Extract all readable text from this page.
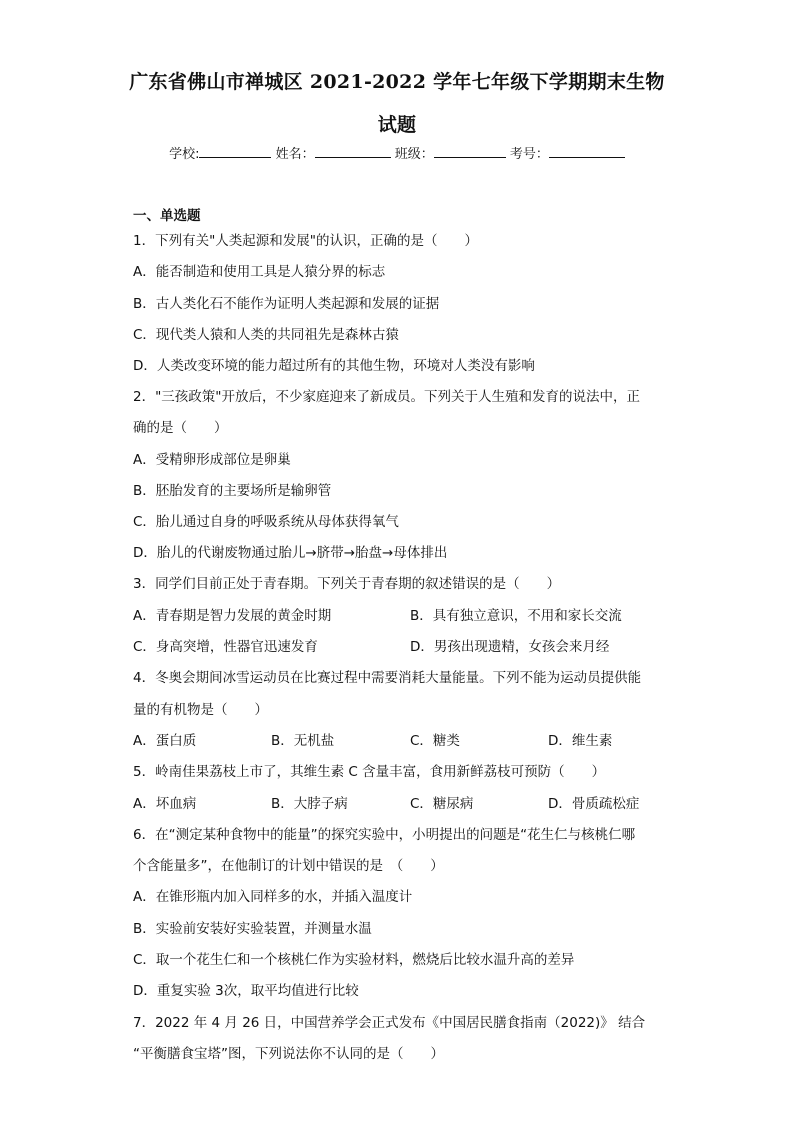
广东省佛山市禅城区 2021-2022 学年七年级下学期期末生物
试题
学校:	姓名：	班级：	考号：
一、单选题
1．下列有关"人类起源和发展"的认识，正确的是（　　）
A．能否制造和使用工具是人猿分界的标志
B．古人类化石不能作为证明人类起源和发展的证据
C．现代类人猿和人类的共同祖先是森林古猿
D．人类改变环境的能力超过所有的其他生物，环境对人类没有影响
2．"三孩政策"开放后，不少家庭迎来了新成员。下列关于人生殖和发育的说法中，正
确的是（　　）
A．受精卵形成部位是卵巢
B．胚胎发育的主要场所是输卵管
C．胎儿通过自身的呼吸系统从母体获得氧气
D．胎儿的代谢废物通过胎儿→脐带→胎盘→母体排出
3．同学们目前正处于青春期。下列关于青春期的叙述错误的是（　　）
A．青春期是智力发展的黄金时期	B．具有独立意识，不用和家长交流
C．身高突增，性器官迅速发育	D．男孩出现遗精，女孩会来月经
4．冬奥会期间冰雪运动员在比赛过程中需要消耗大量能量。下列不能为运动员提供能
量的有机物是（　　）
A．蛋白质	B．无机盐	C．糖类	D．维生素
5．岭南佳果荔枝上市了，其维生素 C 含量丰富，食用新鲜荔枝可预防（　　）
A．坏血病	B．大脖子病	C．糖尿病	D．骨质疏松症
6．在“测定某种食物中的能量”的探究实验中，小明提出的问题是“花生仁与核桃仁哪
个含能量多”，在他制订的计划中错误的是　（　　）
A．在锥形瓶内加入同样多的水，并插入温度计
B．实验前安装好实验装置，并测量水温
C．取一个花生仁和一个核桃仁作为实验材料，燃烧后比较水温升高的差异
D．重复实验 3次，取平均值进行比较
7．2022 年 4 月 26 日，中国营养学会正式发布《中国居民膳食指南（2022)》 结合
“平衡膳食宝塔”图，下列说法你不认同的是（　　）
